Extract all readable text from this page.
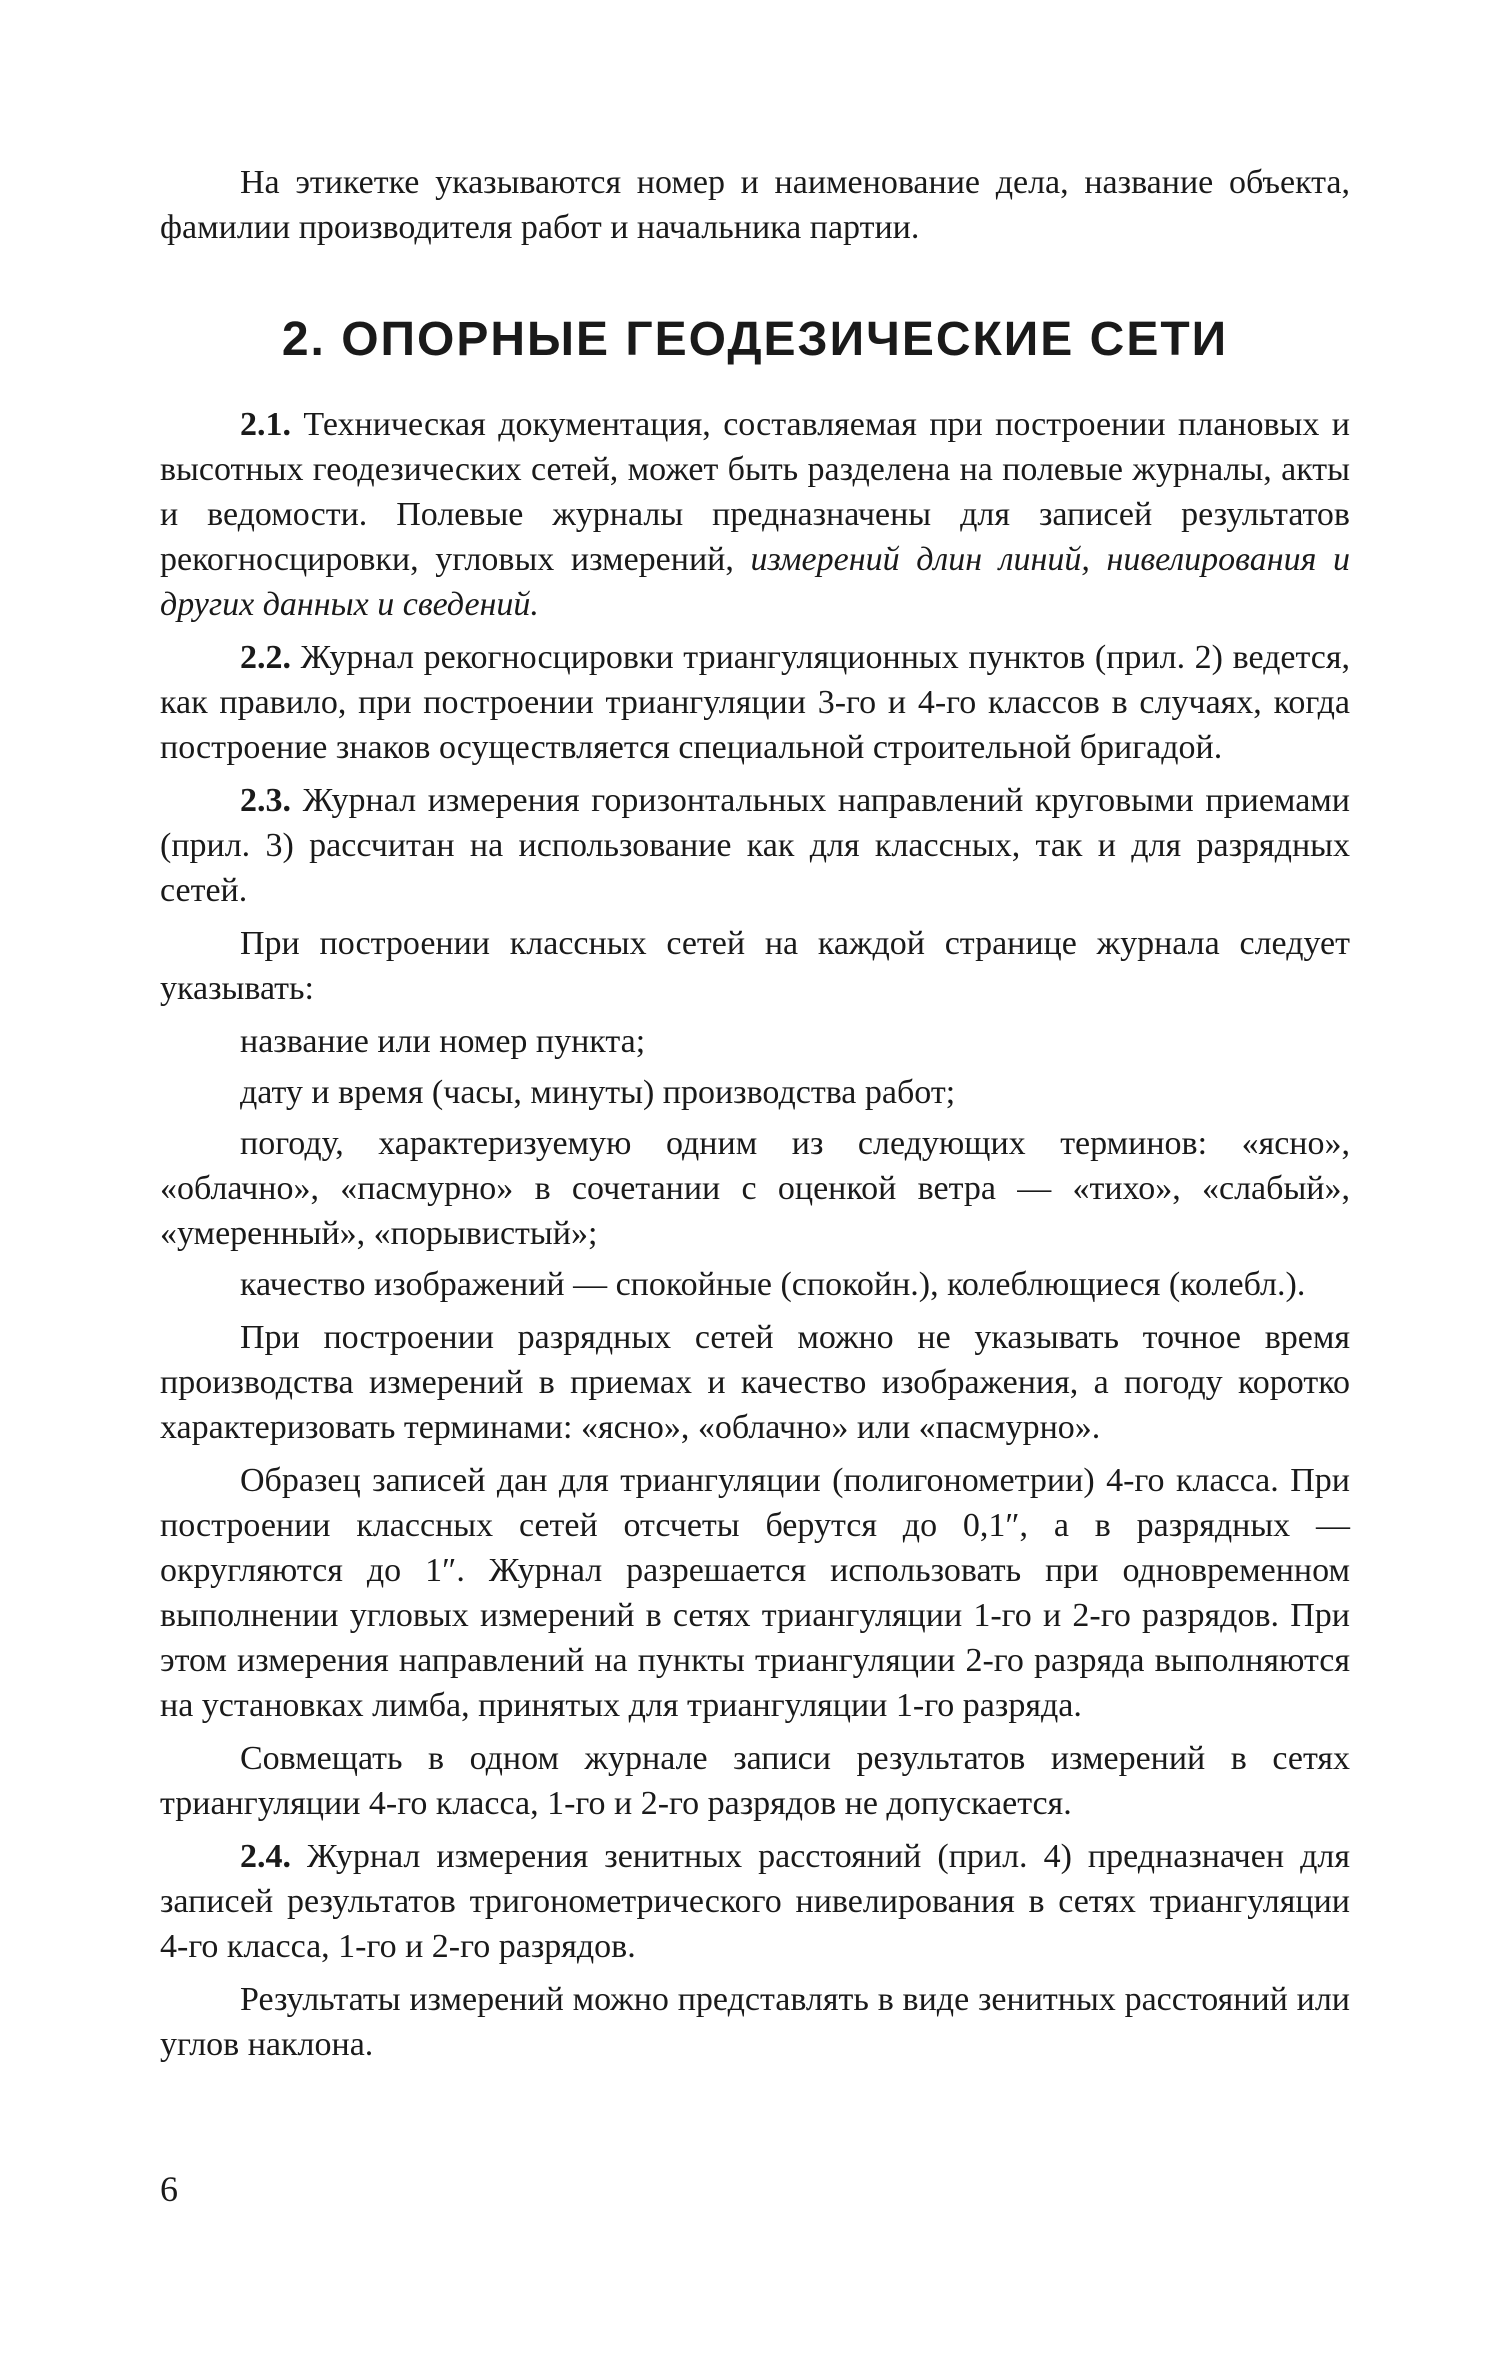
На этикетке указываются номер и наименование дела, название объекта, фамилии производителя работ и начальника партии.

2. ОПОРНЫЕ ГЕОДЕЗИЧЕСКИЕ СЕТИ

2.1. Техническая документация, составляемая при построении плановых и высотных геодезических сетей, может быть разделена на полевые журналы, акты и ведомости. Полевые журналы предназначены для записей результатов рекогносцировки, угловых измерений, измерений длин линий, нивелирования и других данных и сведений.

2.2. Журнал рекогносцировки триангуляционных пунктов (прил. 2) ведется, как правило, при построении триангуляции 3-го и 4-го классов в случаях, когда построение знаков осуществляется специальной строительной бригадой.

2.3. Журнал измерения горизонтальных направлений круговыми приемами (прил. 3) рассчитан на использование как для классных, так и для разрядных сетей.

При построении классных сетей на каждой странице журнала следует указывать:

название или номер пункта;

дату и время (часы, минуты) производства работ;

погоду, характеризуемую одним из следующих терминов: «ясно», «облачно», «пасмурно» в сочетании с оценкой ветра — «тихо», «слабый», «умеренный», «порывистый»;

качество изображений — спокойные (спокойн.), колеблющиеся (колебл.).

При построении разрядных сетей можно не указывать точное время производства измерений в приемах и качество изображения, а погоду коротко характеризовать терминами: «ясно», «облачно» или «пасмурно».

Образец записей дан для триангуляции (полигонометрии) 4-го класса. При построении классных сетей отсчеты берутся до 0,1″, а в разрядных — округляются до 1″. Журнал разрешается использовать при одновременном выполнении угловых измерений в сетях триангуляции 1-го и 2-го разрядов. При этом измерения направлений на пункты триангуляции 2-го разряда выполняются на установках лимба, принятых для триангуляции 1-го разряда.

Совмещать в одном журнале записи результатов измерений в сетях триангуляции 4-го класса, 1-го и 2-го разрядов не допускается.

2.4. Журнал измерения зенитных расстояний (прил. 4) предназначен для записей результатов тригонометрического нивелирования в сетях триангуляции 4-го класса, 1-го и 2-го разрядов.

Результаты измерений можно представлять в виде зенитных расстояний или углов наклона.

6
